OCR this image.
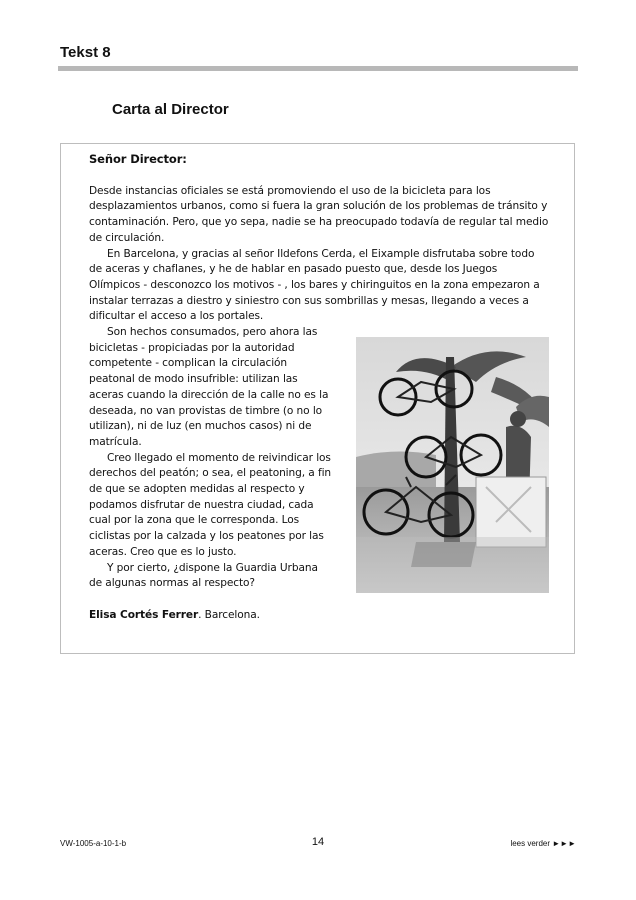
Tekst 8
Carta al Director

Señor Director:

Desde instancias oficiales se está promoviendo el uso de la bicicleta para los desplazamientos urbanos, como si fuera la gran solución de los problemas de tránsito y contaminación. Pero, que yo sepa, nadie se ha preocupado todavía de regular tal medio de circulación.

En Barcelona, y gracias al señor Ildefons Cerda, el Eixample disfrutaba sobre todo de aceras y chaflanes, y he de hablar en pasado puesto que, desde los Juegos Olímpicos - desconozco los motivos - , los bares y chiringuitos en la zona empezaron a instalar terrazas a diestro y siniestro con sus sombrillas y mesas, llegando a veces a dificultar el acceso a los portales.

Son hechos consumados, pero ahora las bicicletas - propiciadas por la autoridad competente - complican la circulación peatonal de modo insufrible: utilizan las aceras cuando la dirección de la calle no es la deseada, no van provistas de timbre (o no lo utilizan), ni de luz (en muchos casos) ni de matrícula.

Creo llegado el momento de reivindicar los derechos del peatón; o sea, el peatoning, a fin de que se adopten medidas al respecto y podamos disfrutar de nuestra ciudad, cada cual por la zona que le corresponda. Los ciclistas por la calzada y los peatones por las aceras. Creo que es lo justo.

Y por cierto, ¿dispone la Guardia Urbana de algunas normas al respecto?

Elisa Cortés Ferrer. Barcelona.

VW-1005-a-10-1-b	14	lees verder ►►►
